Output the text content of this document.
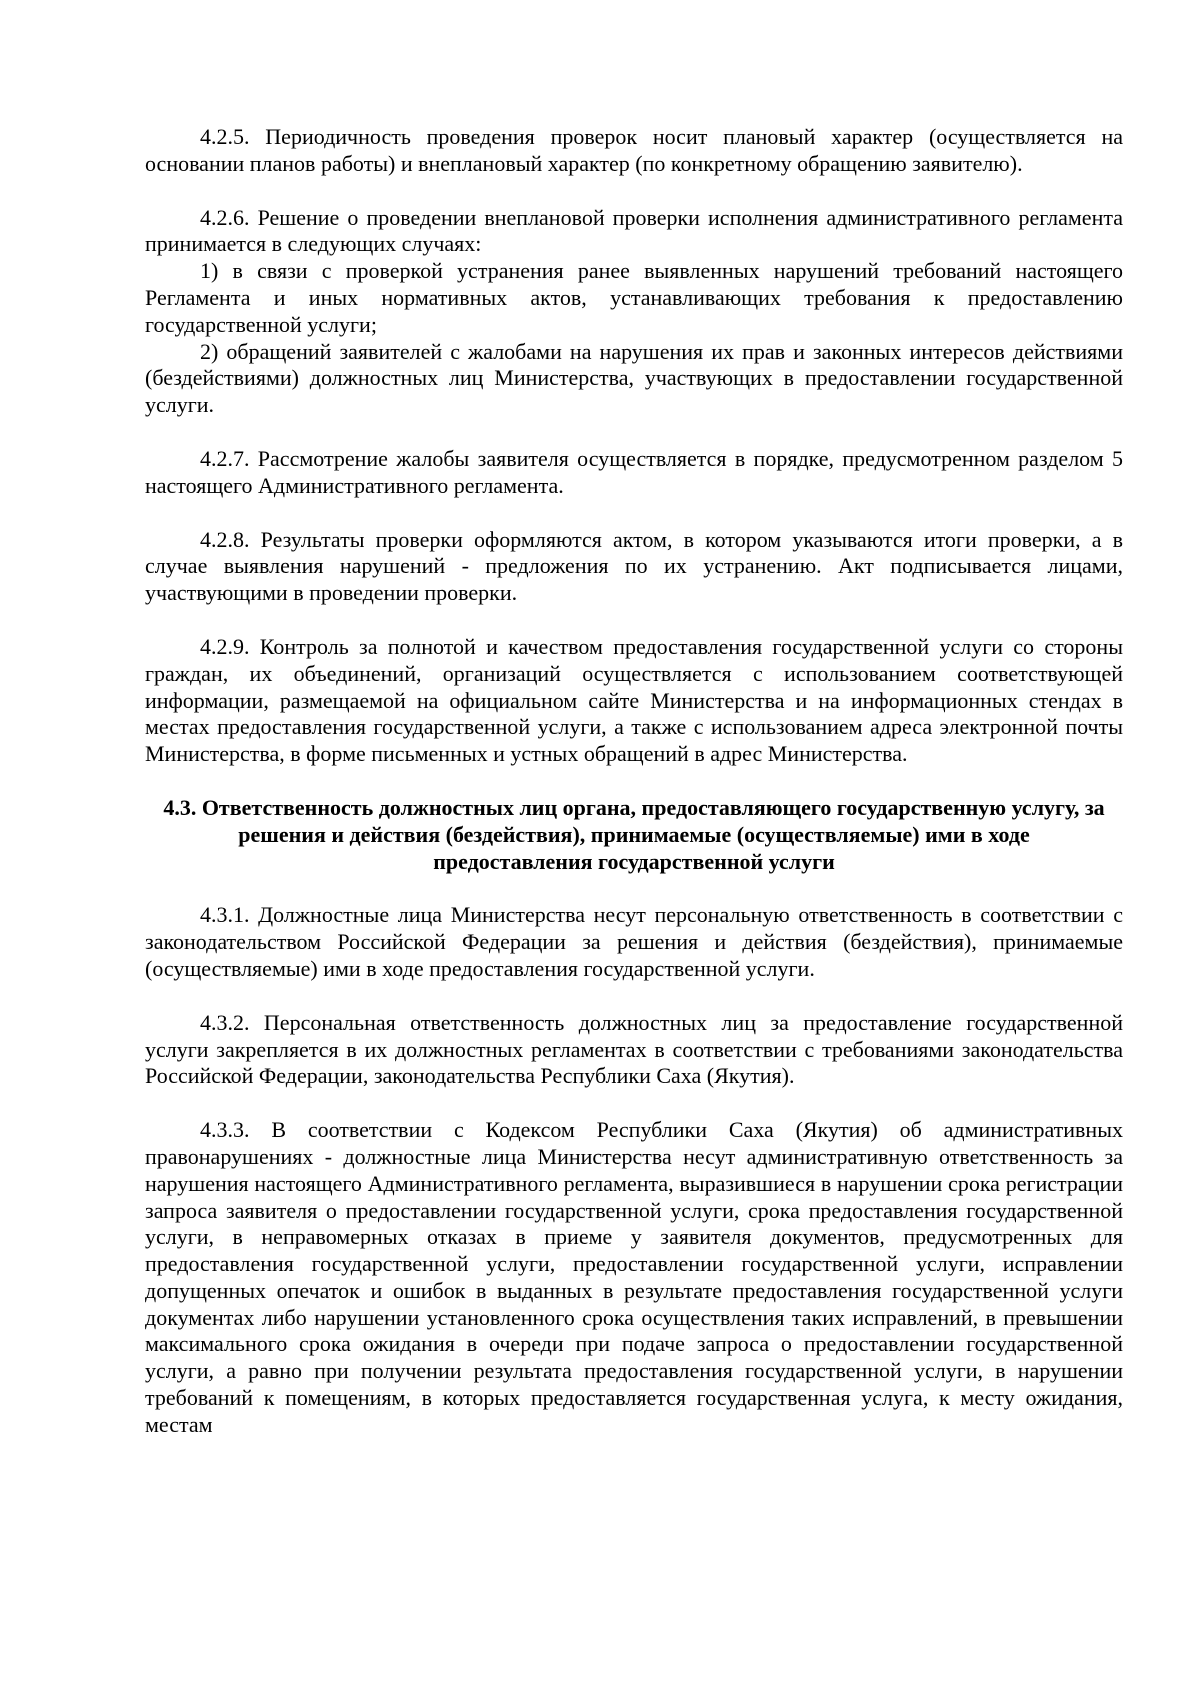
4.2.5. Периодичность проведения проверок носит плановый характер (осуществляется на основании планов работы) и внеплановый характер (по конкретному обращению заявителю).

4.2.6. Решение о проведении внеплановой проверки исполнения административного регламента принимается в следующих случаях:

1) в связи с проверкой устранения ранее выявленных нарушений требований настоящего Регламента и иных нормативных актов, устанавливающих требования к предоставлению государственной услуги;

2) обращений заявителей с жалобами на нарушения их прав и законных интересов действиями (бездействиями) должностных лиц Министерства, участвующих в предоставлении государственной услуги.

4.2.7. Рассмотрение жалобы заявителя осуществляется в порядке, предусмотренном разделом 5 настоящего Административного регламента.

4.2.8. Результаты проверки оформляются актом, в котором указываются итоги проверки, а в случае выявления нарушений - предложения по их устранению. Акт подписывается лицами, участвующими в проведении проверки.

4.2.9. Контроль за полнотой и качеством предоставления государственной услуги со стороны граждан, их объединений, организаций осуществляется с использованием соответствующей информации, размещаемой на официальном сайте Министерства и на информационных стендах в местах предоставления государственной услуги, а также с использованием адреса электронной почты Министерства, в форме письменных и устных обращений в адрес Министерства.

4.3. Ответственность должностных лиц органа, предоставляющего государственную услугу, за решения и действия (бездействия), принимаемые (осуществляемые) ими в ходе предоставления государственной услуги

4.3.1. Должностные лица Министерства несут персональную ответственность в соответствии с законодательством Российской Федерации за решения и действия (бездействия), принимаемые (осуществляемые) ими в ходе предоставления государственной услуги.

4.3.2. Персональная ответственность должностных лиц за предоставление государственной услуги закрепляется в их должностных регламентах в соответствии с требованиями законодательства Российской Федерации, законодательства Республики Саха (Якутия).

4.3.3. В соответствии с Кодексом Республики Саха (Якутия) об административных правонарушениях - должностные лица Министерства несут административную ответственность за нарушения настоящего Административного регламента, выразившиеся в нарушении срока регистрации запроса заявителя о предоставлении государственной услуги, срока предоставления государственной услуги, в неправомерных отказах в приеме у заявителя документов, предусмотренных для предоставления государственной услуги, предоставлении государственной услуги, исправлении допущенных опечаток и ошибок в выданных в результате предоставления государственной услуги документах либо нарушении установленного срока осуществления таких исправлений, в превышении максимального срока ожидания в очереди при подаче запроса о предоставлении государственной услуги, а равно при получении результата предоставления государственной услуги, в нарушении требований к помещениям, в которых предоставляется государственная услуга, к месту ожидания, местам
